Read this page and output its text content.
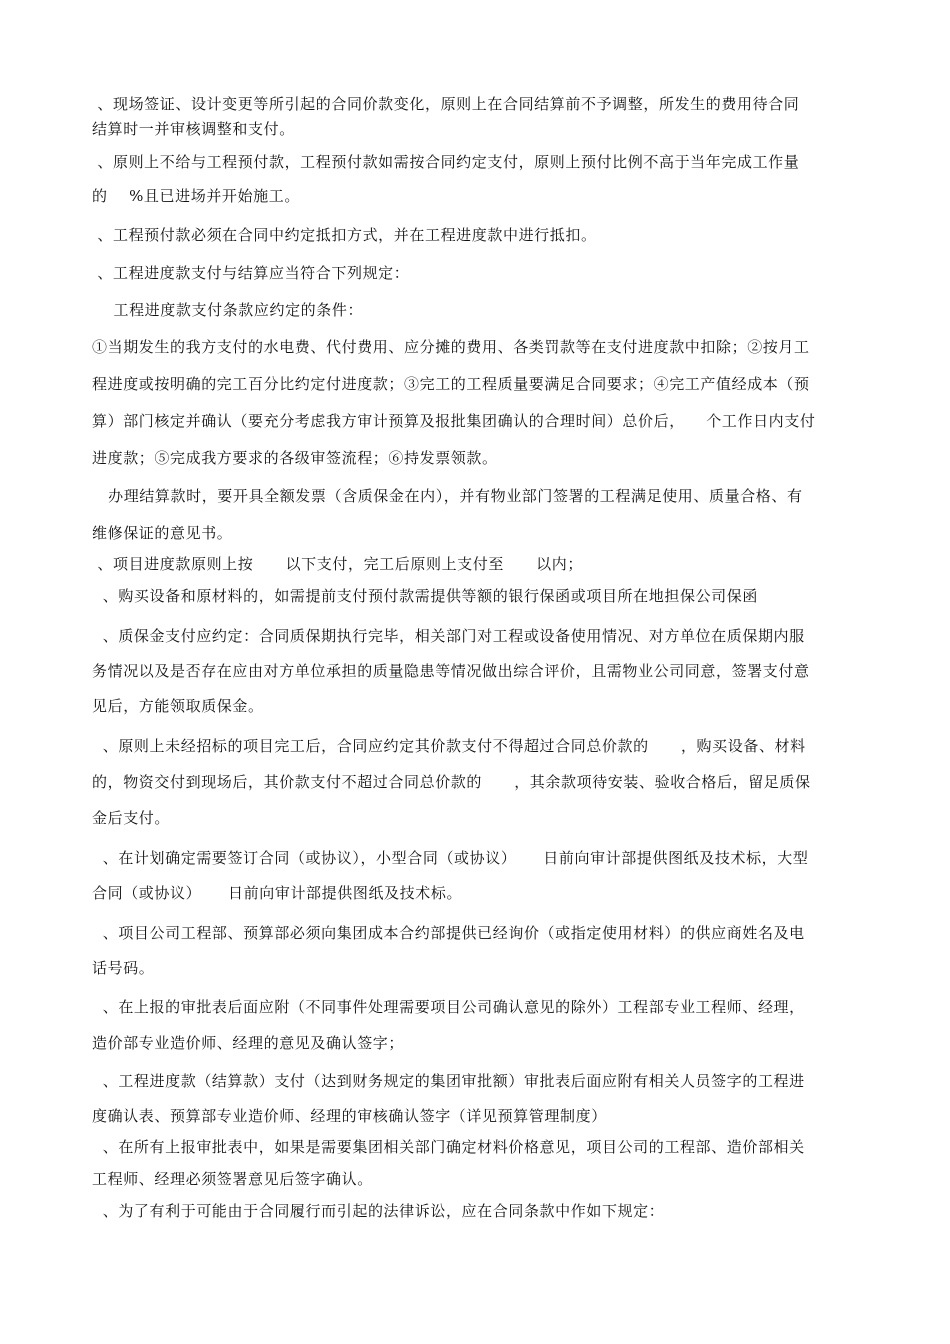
、现场签证、设计变更等所引起的合同价款变化，原则上在合同结算前不予调整，所发生的费用待合同
结算时一并审核调整和支付。
、原则上不给与工程预付款，工程预付款如需按合同约定支付，原则上预付比例不高于当年完成工作量
的    %且已进场并开始施工。
、工程预付款必须在合同中约定抵扣方式，并在工程进度款中进行抵扣。
、工程进度款支付与结算应当符合下列规定：
工程进度款支付条款应约定的条件：
①当期发生的我方支付的水电费、代付费用、应分摊的费用、各类罚款等在支付进度款中扣除；②按月工
程进度或按明确的完工百分比约定付进度款；③完工的工程质量要满足合同要求；④完工产值经成本（预
算）部门核定并确认（要充分考虑我方审计预算及报批集团确认的合理时间）总价后，    个工作日内支付
进度款；⑤完成我方要求的各级审签流程；⑥持发票领款。
办理结算款时，要开具全额发票（含质保金在内），并有物业部门签署的工程满足使用、质量合格、有
维修保证的意见书。
、项目进度款原则上按      以下支付，完工后原则上支付至      以内；
、购买设备和原材料的，如需提前支付预付款需提供等额的银行保函或项目所在地担保公司保函
、质保金支付应约定：合同质保期执行完毕，相关部门对工程或设备使用情况、对方单位在质保期内服
务情况以及是否存在应由对方单位承担的质量隐患等情况做出综合评价，且需物业公司同意，签署支付意
见后，方能领取质保金。
、原则上未经招标的项目完工后，合同应约定其价款支付不得超过合同总价款的      ，购买设备、材料
的，物资交付到现场后，其价款支付不超过合同总价款的      ，其余款项待安装、验收合格后，留足质保
金后支付。
、在计划确定需要签订合同（或协议），小型合同（或协议）     日前向审计部提供图纸及技术标，大型
合同（或协议）     日前向审计部提供图纸及技术标。
、项目公司工程部、预算部必须向集团成本合约部提供已经询价（或指定使用材料）的供应商姓名及电
话号码。
、在上报的审批表后面应附（不同事件处理需要项目公司确认意见的除外）工程部专业工程师、经理，
造价部专业造价师、经理的意见及确认签字；
、工程进度款（结算款）支付（达到财务规定的集团审批额）审批表后面应附有相关人员签字的工程进
度确认表、预算部专业造价师、经理的审核确认签字（详见预算管理制度）
、在所有上报审批表中，如果是需要集团相关部门确定材料价格意见，项目公司的工程部、造价部相关
工程师、经理必须签署意见后签字确认。
、为了有利于可能由于合同履行而引起的法律诉讼，应在合同条款中作如下规定：
